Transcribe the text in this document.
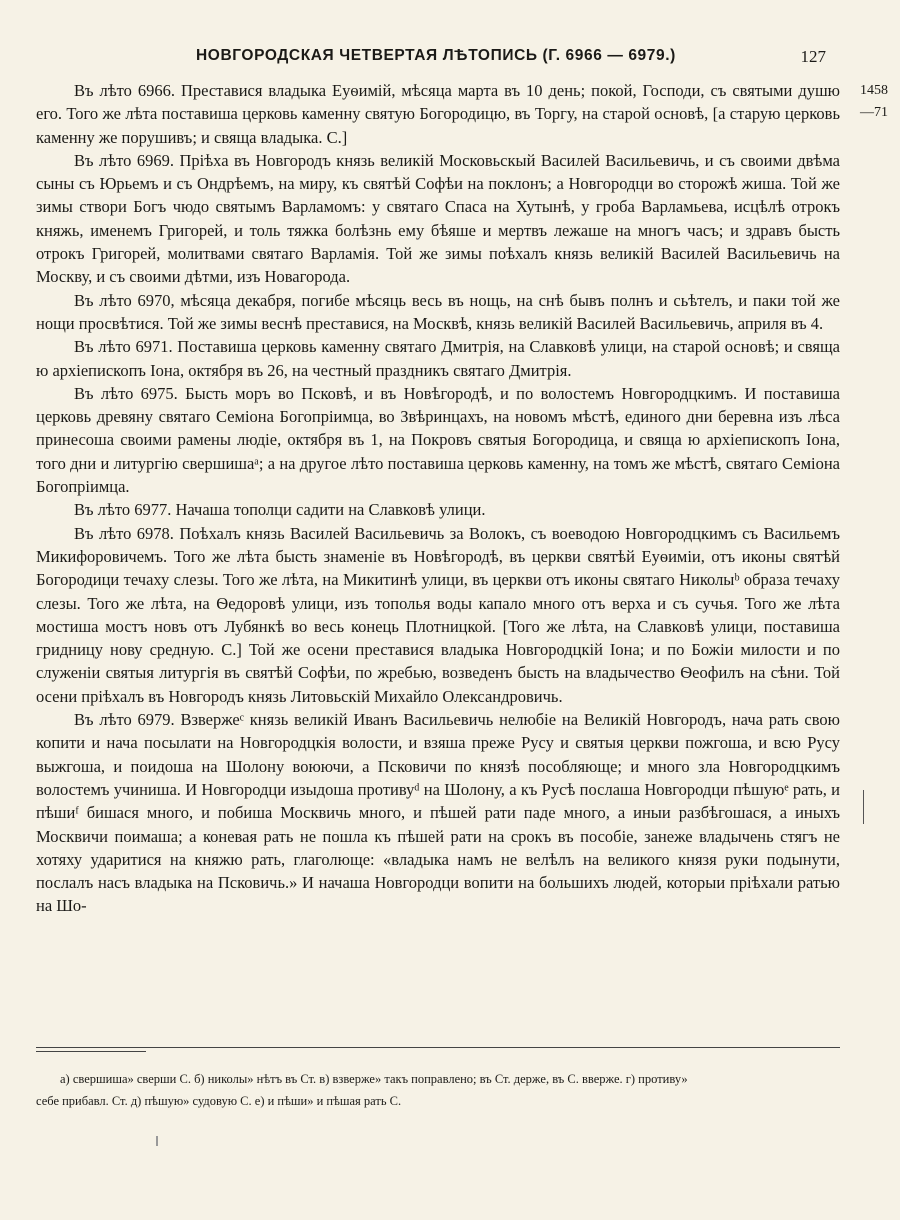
НОВГОРОДСКАЯ ЧЕТВЕРТАЯ ЛѢТОПИСЬ (Г. 6966 — 6979.)	127
1458
—71

Въ лѣто 6966. Преставися владыка Еуѳимій, мѣсяца марта въ 10 день; покой, Господи, съ святыми душю его. Того же лѣта поставиша церковь каменну святую Богородицю, въ Торгу, на старой основѣ, [а старую церковь каменну же порушивъ; и свяща владыка. С.]

Въ лѣто 6969. Пріѣха въ Новгородъ князь великій Московьскый Василей Васильевичь, и съ своими двѣма сыны съ Юрьемъ и съ Ондрѣемъ, на миру, къ святѣй Софѣи на поклонъ; а Новгородци во сторожѣ жиша. Той же зимы створи Богъ чюдо святымъ Варламомъ: у святаго Спаса на Хутынѣ, у гроба Варламьева, исцѣлѣ отрокъ княжь, именемъ Григорей, и толь тяжка болѣзнь ему бѣяше и мертвъ лежаше на многъ часъ; и здравъ бысть отрокъ Григорей, молитвами святаго Варламія. Той же зимы поѣхалъ князь великій Василей Васильевичь на Москву, и съ своими дѣтми, изъ Новагорода.

Въ лѣто 6970, мѣсяца декабря, погибе мѣсяць весь въ нощь, на снѣ бывъ полнъ и сьѣтелъ, и паки той же нощи просвѣтися. Той же зимы веснѣ преставися, на Москвѣ, князь великій Василей Васильевичь, априля въ 4.

Въ лѣто 6971. Поставиша церковь каменну святаго Дмитрія, на Славковѣ улици, на старой основѣ; и свяща ю архіепископъ Іона, октября въ 26, на честный праздникъ святаго Дмитрія.

Въ лѣто 6975. Бысть моръ во Псковѣ, и въ Новѣгородѣ, и по волостемъ Новгородцкимъ. И поставиша церковь древяну святаго Семіона Богопріимца, во Звѣринцахъ, на новомъ мѣстѣ, единого дни беревна изъ лѣса принесоша своими рамены людіе, октября въ 1, на Покровъ святыя Богородица, и свяща ю архіепископъ Іона, того дни и литургію свершишаᵃ; а на другое лѣто поставиша церковь каменну, на томъ же мѣстѣ, святаго Семіона Богопріимца.

Въ лѣто 6977. Начаша тополци садити на Славковѣ улици.

Въ лѣто 6978. Поѣхалъ князь Василей Васильевичь за Волокъ, съ воеводою Новгородцкимъ съ Васильемъ Микифоровичемъ. Того же лѣта бысть знаменіе въ Новѣгородѣ, въ церкви святѣй Еуѳиміи, отъ иконы святѣй Богородици течаху слезы. Того же лѣта, на Микитинѣ улици, въ церкви отъ иконы святаго Николыᵇ образа течаху слезы. Того же лѣта, на Ѳедоровѣ улици, изъ тополья воды капало много отъ верха и съ сучья. Того же лѣта мостиша мостъ новъ отъ Лубянкѣ во весь конець Плотницкой. [Того же лѣта, на Славковѣ улици, поставиша гридницу нову средную. С.] Той же осени преставися владыка Новгородцкій Іона; и по Божіи милости и по служеніи святыя литургія въ святѣй Софѣи, по жребью, возведенъ бысть на владычество Ѳеофилъ на сѣни. Той осени пріѣхалъ въ Новгородъ князь Литовьскій Михайло Олександровичь.

Въ лѣто 6979. Взвержеᶜ князь великій Иванъ Васильевичь нелюбіе на Великій Новгородъ, нача рать свою копити и нача посылати на Новгородцкія волости, и взяша преже Русу и святыя церкви пожгоша, и всю Русу выжгоша, и поидоша на Шолону воюючи, а Псковичи по князѣ пособляюще; и много зла Новгородцкимъ волостемъ учиниша. И Новгородци изыдоша противуᵈ на Шолону, а къ Русѣ послаша Новгородци пѣшуюᵉ рать, и пѣшиᶠ бишася много, и побиша Москвичь много, и пѣшей рати паде много, а иныи разбѣгошася, а иныхъ Москвичи поимаша; а коневая рать не пошла къ пѣшей рати на срокъ въ пособіе, занеже владычень стягъ не хотяху ударитися на княжю рать, глаголюще: «владыка намъ не велѣлъ на великого князя руки подынути, послалъ насъ владыка на Псковичь.» И начаша Новгородци вопити на большихъ людей, которыи пріѣхали ратью на Шо-

а) свершиша» сверши С. б) николы» нѣтъ въ Ст. в) взверже» такъ поправлено; въ Ст. держе, въ С. вверже. г) противу»
себе прибавл. Ст. д) пѣшую» судовую С. е) и пѣши» и пѣшая рать С.
